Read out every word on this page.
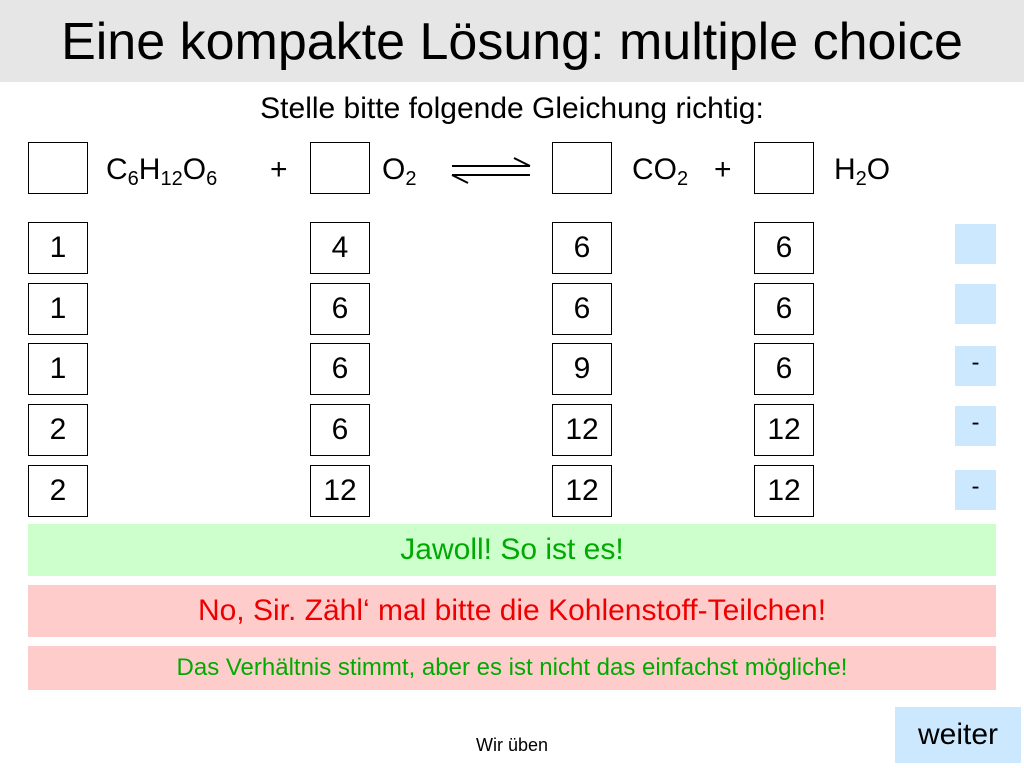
Eine kompakte Lösung: multiple choice
Stelle bitte folgende Gleichung richtig:
$C_6H_{12}O_6$ +	$O_2$	$CO_2$ +	$H_2O$
1	4	6	6
1	6	6	6
1	6	9	6	-
2	6	12	12	-
2	12	12	12	-
Jawoll! So ist es!
No, Sir. Zähl‘ mal bitte die Kohlenstoff-Teilchen!
Das Verhältnis stimmt, aber es ist nicht das einfachst mögliche!
Wir üben	weiter
